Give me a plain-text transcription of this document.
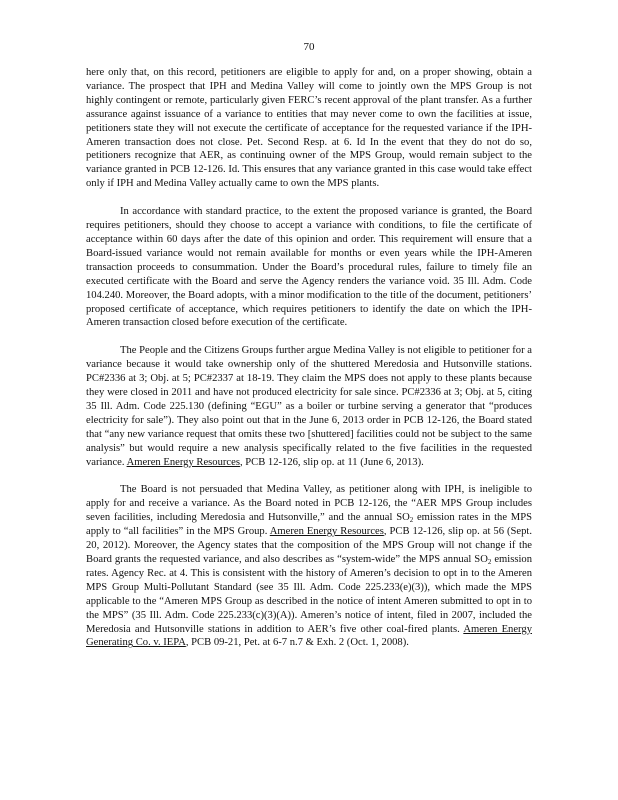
70

here only that, on this record, petitioners are eligible to apply for and, on a proper showing, obtain a variance. The prospect that IPH and Medina Valley will come to jointly own the MPS Group is not highly contingent or remote, particularly given FERC’s recent approval of the plant transfer. As a further assurance against issuance of a variance to entities that may never come to own the facilities at issue, petitioners state they will not execute the certificate of acceptance for the requested variance if the IPH-Ameren transaction does not close. Pet. Second Resp. at 6. Id In the event that they do not do so, petitioners recognize that AER, as continuing owner of the MPS Group, would remain subject to the variance granted in PCB 12-126. Id. This ensures that any variance granted in this case would take effect only if IPH and Medina Valley actually came to own the MPS plants.

In accordance with standard practice, to the extent the proposed variance is granted, the Board requires petitioners, should they choose to accept a variance with conditions, to file the certificate of acceptance within 60 days after the date of this opinion and order. This requirement will ensure that a Board-issued variance would not remain available for months or even years while the IPH-Ameren transaction proceeds to consummation. Under the Board’s procedural rules, failure to timely file an executed certificate with the Board and serve the Agency renders the variance void. 35 Ill. Adm. Code 104.240. Moreover, the Board adopts, with a minor modification to the title of the document, petitioners’ proposed certificate of acceptance, which requires petitioners to identify the date on which the IPH-Ameren transaction closed before execution of the certificate.

The People and the Citizens Groups further argue Medina Valley is not eligible to petitioner for a variance because it would take ownership only of the shuttered Meredosia and Hutsonville stations. PC#2336 at 3; Obj. at 5; PC#2337 at 18-19. They claim the MPS does not apply to these plants because they were closed in 2011 and have not produced electricity for sale since. PC#2336 at 3; Obj. at 5, citing 35 Ill. Adm. Code 225.130 (defining “EGU” as a boiler or turbine serving a generator that “produces electricity for sale”). They also point out that in the June 6, 2013 order in PCB 12-126, the Board stated that “any new variance request that omits these two [shuttered] facilities could not be subject to the same analysis” but would require a new analysis specifically related to the five facilities in the requested variance. Ameren Energy Resources, PCB 12-126, slip op. at 11 (June 6, 2013).

The Board is not persuaded that Medina Valley, as petitioner along with IPH, is ineligible to apply for and receive a variance. As the Board noted in PCB 12-126, the “AER MPS Group includes seven facilities, including Meredosia and Hutsonville,” and the annual $SO_2$ emission rates in the MPS apply to “all facilities” in the MPS Group. Ameren Energy Resources, PCB 12-126, slip op. at 56 (Sept. 20, 2012). Moreover, the Agency states that the composition of the MPS Group will not change if the Board grants the requested variance, and also describes as “system-wide” the MPS annual $SO_2$ emission rates. Agency Rec. at 4. This is consistent with the history of Ameren’s decision to opt in to the Ameren MPS Group Multi-Pollutant Standard (see 35 Ill. Adm. Code 225.233(e)(3)), which made the MPS applicable to the “Ameren MPS Group as described in the notice of intent Ameren submitted to opt in to the MPS” (35 Ill. Adm. Code 225.233(c)(3)(A)). Ameren’s notice of intent, filed in 2007, included the Meredosia and Hutsonville stations in addition to AER’s five other coal-fired plants. Ameren Energy Generating Co. v. IEPA, PCB 09-21, Pet. at 6-7 n.7 & Exh. 2 (Oct. 1, 2008).
